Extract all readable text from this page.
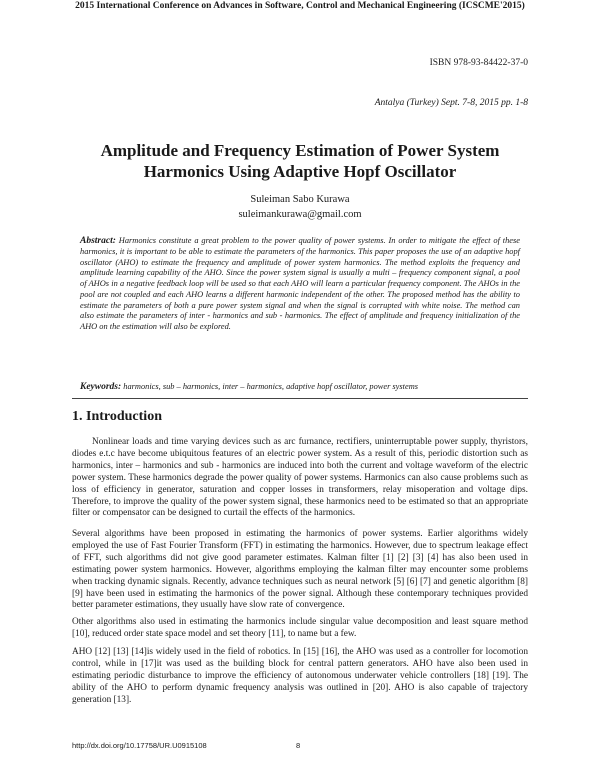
ISBN 978-93-84422-37-0
2015 International Conference on Advances in Software, Control and Mechanical Engineering (ICSCME'2015)
Antalya (Turkey) Sept. 7-8, 2015 pp. 1-8
Amplitude and Frequency Estimation of Power System Harmonics Using Adaptive Hopf Oscillator
Suleiman Sabo Kurawa
suleimankurawa@gmail.com
Abstract: Harmonics constitute a great problem to the power quality of power systems. In order to mitigate the effect of these harmonics, it is important to be able to estimate the parameters of the harmonics. This paper proposes the use of an adaptive hopf oscillator (AHO) to estimate the frequency and amplitude of power system harmonics. The method exploits the frequency and amplitude learning capability of the AHO. Since the power system signal is usually a multi – frequency component signal, a pool of AHOs in a negative feedback loop will be used so that each AHO will learn a particular frequency component. The AHOs in the pool are not coupled and each AHO learns a different harmonic independent of the other. The proposed method has the ability to estimate the parameters of both a pure power system signal and when the signal is corrupted with white noise. The method can also estimate the parameters of inter - harmonics and sub - harmonics. The effect of amplitude and frequency initialization of the AHO on the estimation will also be explored.
Keywords: harmonics, sub – harmonics, inter – harmonics, adaptive hopf oscillator, power systems
1. Introduction
Nonlinear loads and time varying devices such as arc furnance, rectifiers, uninterruptable power supply, thyristors, diodes e.t.c have become ubiquitous features of an electric power system. As a result of this, periodic distortion such as harmonics, inter – harmonics and sub - harmonics are induced into both the current and voltage waveform of the electric power system. These harmonics degrade the power quality of power systems. Harmonics can also cause problems such as loss of efficiency in generator, saturation and copper losses in transformers, relay misoperation and voltage dips. Therefore, to improve the quality of the power system signal, these harmonics need to be estimated so that an appropriate filter or compensator can be designed to curtail the effects of the harmonics.
Several algorithms have been proposed in estimating the harmonics of power systems. Earlier algorithms widely employed the use of Fast Fourier Transform (FFT) in estimating the harmonics. However, due to spectrum leakage effect of FFT, such algorithms did not give good parameter estimates. Kalman filter [1] [2] [3] [4] has also been used in estimating power system harmonics. However, algorithms employing the kalman filter may encounter some problems when tracking dynamic signals. Recently, advance techniques such as neural network [5] [6] [7] and genetic algorithm [8] [9] have been used in estimating the harmonics of the power signal. Although these contemporary techniques provided better parameter estimations, they usually have slow rate of convergence.
Other algorithms also used in estimating the harmonics include singular value decomposition and least square method [10], reduced order state space model and set theory [11], to name but a few.
AHO [12] [13] [14]is widely used in the field of robotics. In [15] [16], the AHO was used as a controller for locomotion control, while in [17]it was used as the building block for central pattern generators. AHO have also been used in estimating periodic disturbance to improve the efficiency of autonomous underwater vehicle controllers [18] [19]. The ability of the AHO to perform dynamic frequency analysis was outlined in [20]. AHO is also capable of trajectory generation [13].
http://dx.doi.org/10.17758/UR.U0915108	8
